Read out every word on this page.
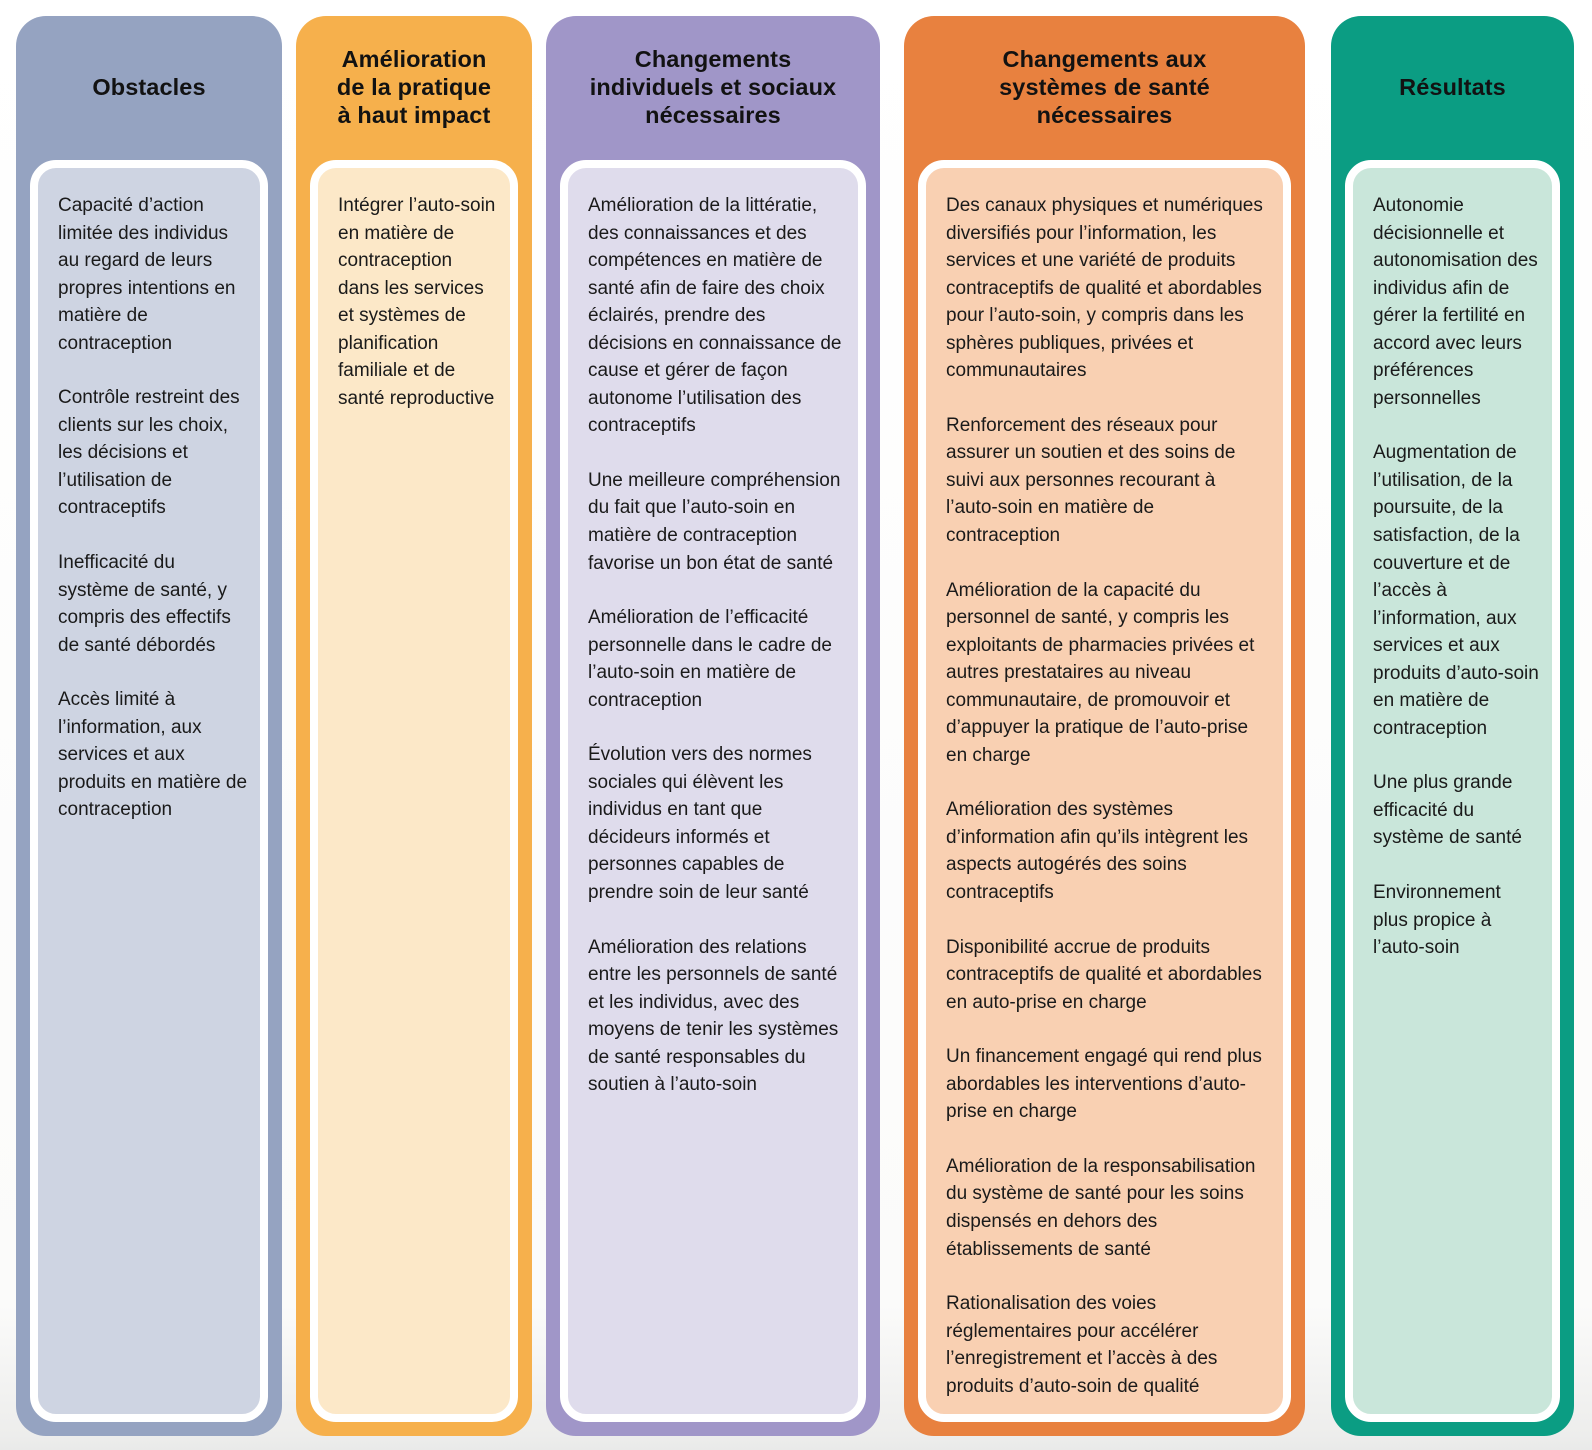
Obstacles

Capacité d’action limitée des individus au regard de leurs propres intentions en matière de contraception

Contrôle restreint des clients sur les choix, les décisions et l’utilisation de contraceptifs

Inefficacité du système de santé, y compris des effectifs de santé débordés

Accès limité à l’information, aux services et aux produits en matière de contraception

Amélioration de la pratique à haut impact

Intégrer l’auto-soin en matière de contraception dans les services et systèmes de planification familiale et de santé reproductive

Changements individuels et sociaux nécessaires

Amélioration de la littératie, des connaissances et des compétences en matière de santé afin de faire des choix éclairés, prendre des décisions en connaissance de cause et gérer de façon autonome l’utilisation des contraceptifs

Une meilleure compréhension du fait que l’auto-soin en matière de contraception favorise un bon état de santé

Amélioration de l’efficacité personnelle dans le cadre de l’auto-soin en matière de contraception

Évolution vers des normes sociales qui élèvent les individus en tant que décideurs informés et personnes capables de prendre soin de leur santé

Amélioration des relations entre les personnels de santé et les individus, avec des moyens de tenir les systèmes de santé responsables du soutien à l’auto-soin

Changements aux systèmes de santé nécessaires

Des canaux physiques et numériques diversifiés pour l’information, les services et une variété de produits contraceptifs de qualité et abordables pour l’auto-soin, y compris dans les sphères publiques, privées et communautaires

Renforcement des réseaux pour assurer un soutien et des soins de suivi aux personnes recourant à l’auto-soin en matière de contraception

Amélioration de la capacité du personnel de santé, y compris les exploitants de pharmacies privées et autres prestataires au niveau communautaire, de promouvoir et d’appuyer la pratique de l’auto-prise en charge

Amélioration des systèmes d’information afin qu’ils intègrent les aspects autogérés des soins contraceptifs

Disponibilité accrue de produits contraceptifs de qualité et abordables en auto-prise en charge

Un financement engagé qui rend plus abordables les interventions d’auto-prise en charge

Amélioration de la responsabilisation du système de santé pour les soins dispensés en dehors des établissements de santé

Rationalisation des voies réglementaires pour accélérer l’enregistrement et l’accès à des produits d’auto-soin de qualité

Résultats

Autonomie décisionnelle et autonomisation des individus afin de gérer la fertilité en accord avec leurs préférences personnelles

Augmentation de l’utilisation, de la poursuite, de la satisfaction, de la couverture et de l’accès à l’information, aux services et aux produits d’auto-soin en matière de contraception

Une plus grande efficacité du système de santé

Environnement plus propice à l’auto-soin
